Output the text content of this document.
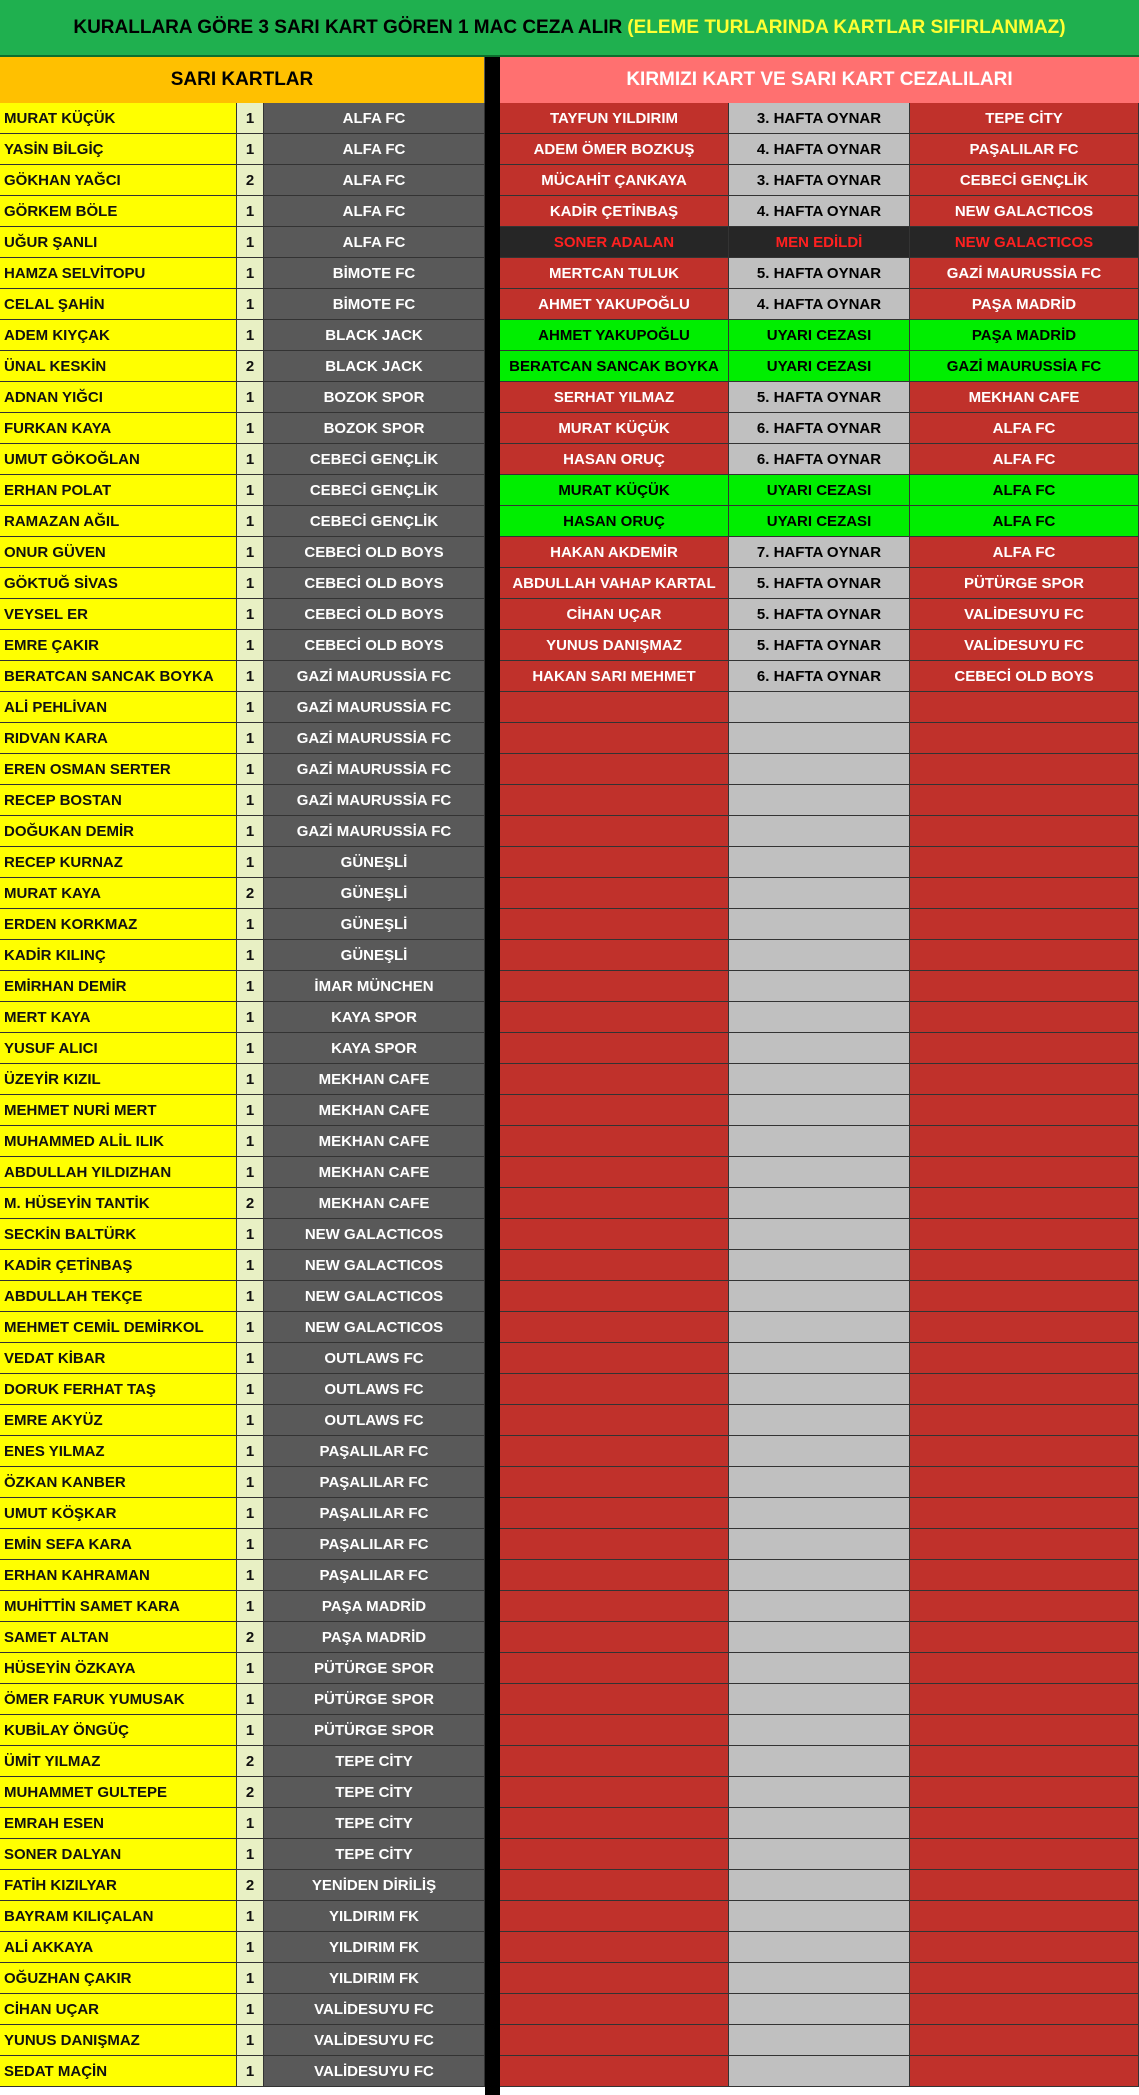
KURALLARA GÖRE 3 SARI KART GÖREN 1 MAC CEZA ALIR (ELEME TURLARINDA KARTLAR SIFIRLANMAZ)
SARI KARTLAR	KIRMIZI KART VE SARI KART CEZALILARI
MURAT KÜÇÜK	1	ALFA FC
YASİN BİLGİÇ	1	ALFA FC
GÖKHAN YAĞCI	2	ALFA FC
GÖRKEM BÖLE	1	ALFA FC
UĞUR ŞANLI	1	ALFA FC
HAMZA SELVİTOPU	1	BİMOTE FC
CELAL ŞAHİN	1	BİMOTE FC
ADEM KIYÇAK	1	BLACK JACK
ÜNAL KESKİN	2	BLACK JACK
ADNAN YIĞCI	1	BOZOK SPOR
FURKAN KAYA	1	BOZOK SPOR
UMUT GÖKOĞLAN	1	CEBECİ GENÇLİK
ERHAN POLAT	1	CEBECİ GENÇLİK
RAMAZAN AĞIL	1	CEBECİ GENÇLİK
ONUR GÜVEN	1	CEBECİ OLD BOYS
GÖKTUĞ SİVAS	1	CEBECİ OLD BOYS
VEYSEL ER	1	CEBECİ OLD BOYS
EMRE ÇAKIR	1	CEBECİ OLD BOYS
BERATCAN SANCAK BOYKA	1	GAZİ MAURUSSİA FC
ALİ PEHLİVAN	1	GAZİ MAURUSSİA FC
RIDVAN KARA	1	GAZİ MAURUSSİA FC
EREN OSMAN SERTER	1	GAZİ MAURUSSİA FC
RECEP BOSTAN	1	GAZİ MAURUSSİA FC
DOĞUKAN DEMİR	1	GAZİ MAURUSSİA FC
RECEP KURNAZ	1	GÜNEŞLİ
MURAT KAYA	2	GÜNEŞLİ
ERDEN KORKMAZ	1	GÜNEŞLİ
KADİR KILINÇ	1	GÜNEŞLİ
EMİRHAN DEMİR	1	İMAR MÜNCHEN
MERT KAYA	1	KAYA SPOR
YUSUF ALICI	1	KAYA SPOR
ÜZEYİR KIZIL	1	MEKHAN CAFE
MEHMET NURİ MERT	1	MEKHAN CAFE
MUHAMMED ALİL ILIK	1	MEKHAN CAFE
ABDULLAH YILDIZHAN	1	MEKHAN CAFE
M. HÜSEYİN TANTİK	2	MEKHAN CAFE
SECKİN BALTÜRK	1	NEW GALACTICOS
KADİR ÇETİNBAŞ	1	NEW GALACTICOS
ABDULLAH TEKÇE	1	NEW GALACTICOS
MEHMET CEMİL DEMİRKOL	1	NEW GALACTICOS
VEDAT KİBAR	1	OUTLAWS FC
DORUK FERHAT TAŞ	1	OUTLAWS FC
EMRE AKYÜZ	1	OUTLAWS FC
ENES YILMAZ	1	PAŞALILAR FC
ÖZKAN KANBER	1	PAŞALILAR FC
UMUT KÖŞKAR	1	PAŞALILAR FC
EMİN SEFA KARA	1	PAŞALILAR FC
ERHAN KAHRAMAN	1	PAŞALILAR FC
MUHİTTİN SAMET KARA	1	PAŞA MADRİD
SAMET ALTAN	2	PAŞA MADRİD
HÜSEYİN ÖZKAYA	1	PÜTÜRGE SPOR
ÖMER FARUK YUMUSAK	1	PÜTÜRGE SPOR
KUBİLAY ÖNGÜÇ	1	PÜTÜRGE SPOR
ÜMİT YILMAZ	2	TEPE CİTY
MUHAMMET GULTEPE	2	TEPE CİTY
EMRAH ESEN	1	TEPE CİTY
SONER DALYAN	1	TEPE CİTY
FATİH KIZILYAR	2	YENİDEN DİRİLİŞ
BAYRAM KILIÇALAN	1	YILDIRIM FK
ALİ AKKAYA	1	YILDIRIM FK
OĞUZHAN ÇAKIR	1	YILDIRIM FK
CİHAN UÇAR	1	VALİDESUYU FC
YUNUS DANIŞMAZ	1	VALİDESUYU FC
SEDAT MAÇİN	1	VALİDESUYU FC
TAYFUN YILDIRIM	3. HAFTA OYNAR	TEPE CİTY
ADEM ÖMER BOZKUŞ	4. HAFTA OYNAR	PAŞALILAR FC
MÜCAHİT ÇANKAYA	3. HAFTA OYNAR	CEBECİ GENÇLİK
KADİR ÇETİNBAŞ	4. HAFTA OYNAR	NEW GALACTICOS
SONER ADALAN	MEN EDİLDİ	NEW GALACTICOS
MERTCAN TULUK	5. HAFTA OYNAR	GAZİ MAURUSSİA FC
AHMET YAKUPOĞLU	4. HAFTA OYNAR	PAŞA MADRİD
AHMET YAKUPOĞLU	UYARI CEZASI	PAŞA MADRİD
BERATCAN SANCAK BOYKA	UYARI CEZASI	GAZİ MAURUSSİA FC
SERHAT YILMAZ	5. HAFTA OYNAR	MEKHAN CAFE
MURAT KÜÇÜK	6. HAFTA OYNAR	ALFA FC
HASAN ORUÇ	6. HAFTA OYNAR	ALFA FC
MURAT KÜÇÜK	UYARI CEZASI	ALFA FC
HASAN ORUÇ	UYARI CEZASI	ALFA FC
HAKAN AKDEMİR	7. HAFTA OYNAR	ALFA FC
ABDULLAH VAHAP KARTAL	5. HAFTA OYNAR	PÜTÜRGE SPOR
CİHAN UÇAR	5. HAFTA OYNAR	VALİDESUYU FC
YUNUS DANIŞMAZ	5. HAFTA OYNAR	VALİDESUYU FC
HAKAN SARI MEHMET	6. HAFTA OYNAR	CEBECİ OLD BOYS
